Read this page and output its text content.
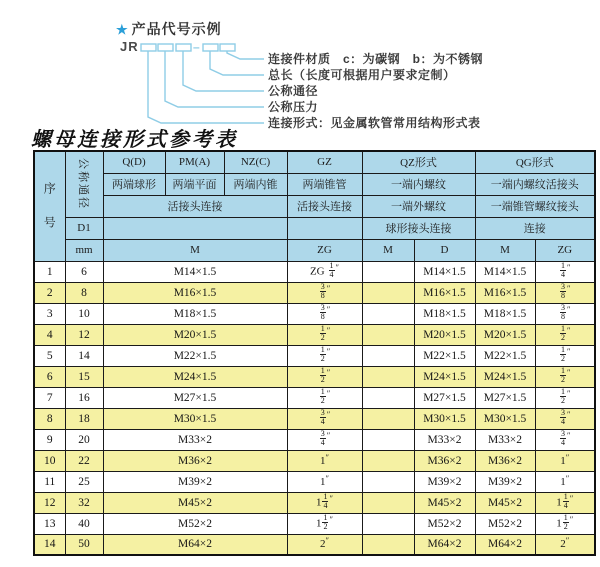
★ 产品代号示例
JR	–
连接件材质　c：为碳钢　b：为不锈钢
总长（长度可根据用户要求定制）
公称通径
公称压力
连接形式：见金属软管常用结构形式表
螺母连接形式参考表
序号	公称通径	Q(D)	PM(A)	NZ(C)	GZ	QZ形式		QG形式	
		两端球形	两端平面	两端内锥	两端锥管	一端内螺纹		一端内螺纹活接头	
		活接头连接			活接头连接	一端外螺纹		一端锥管螺纹接头	
	D1					球形接头连接		连接	
	mm	M			ZG	M	D	M	ZG
1	6	M14×1.5			ZG $\frac{1}{4} ''$		M14×1.5	M14×1.5	$\frac{1}{4} ''$
2	8	M16×1.5			$\frac{3}{8} ''$		M16×1.5	M16×1.5	$\frac{3}{8} ''$
3	10	M18×1.5			$\frac{3}{8} ''$		M18×1.5	M18×1.5	$\frac{3}{8} ''$
4	12	M20×1.5			$\frac{1}{2} ''$		M20×1.5	M20×1.5	$\frac{1}{2} ''$
5	14	M22×1.5			$\frac{1}{2} ''$		M22×1.5	M22×1.5	$\frac{1}{2} ''$
6	15	M24×1.5			$\frac{1}{2} ''$		M24×1.5	M24×1.5	$\frac{1}{2} ''$
7	16	M27×1.5			$\frac{1}{2} ''$		M27×1.5	M27×1.5	$\frac{1}{2} ''$
8	18	M30×1.5			$\frac{3}{4} ''$		M30×1.5	M30×1.5	$\frac{3}{4} ''$
9	20	M33×2			$\frac{3}{4} ''$		M33×2	M33×2	$\frac{3}{4} ''$
10	22	M36×2			1″		M36×2	M36×2	1″
11	25	M39×2			1″		M39×2	M39×2	1″
12	32	M45×2			$1 \frac{1}{4} ''$		M45×2	M45×2	$1 \frac{1}{4} ''$
13	40	M52×2			$1 \frac{1}{2} ''$		M52×2	M52×2	$1 \frac{1}{2} ''$
14	50	M64×2			2″		M64×2	M64×2	2″
